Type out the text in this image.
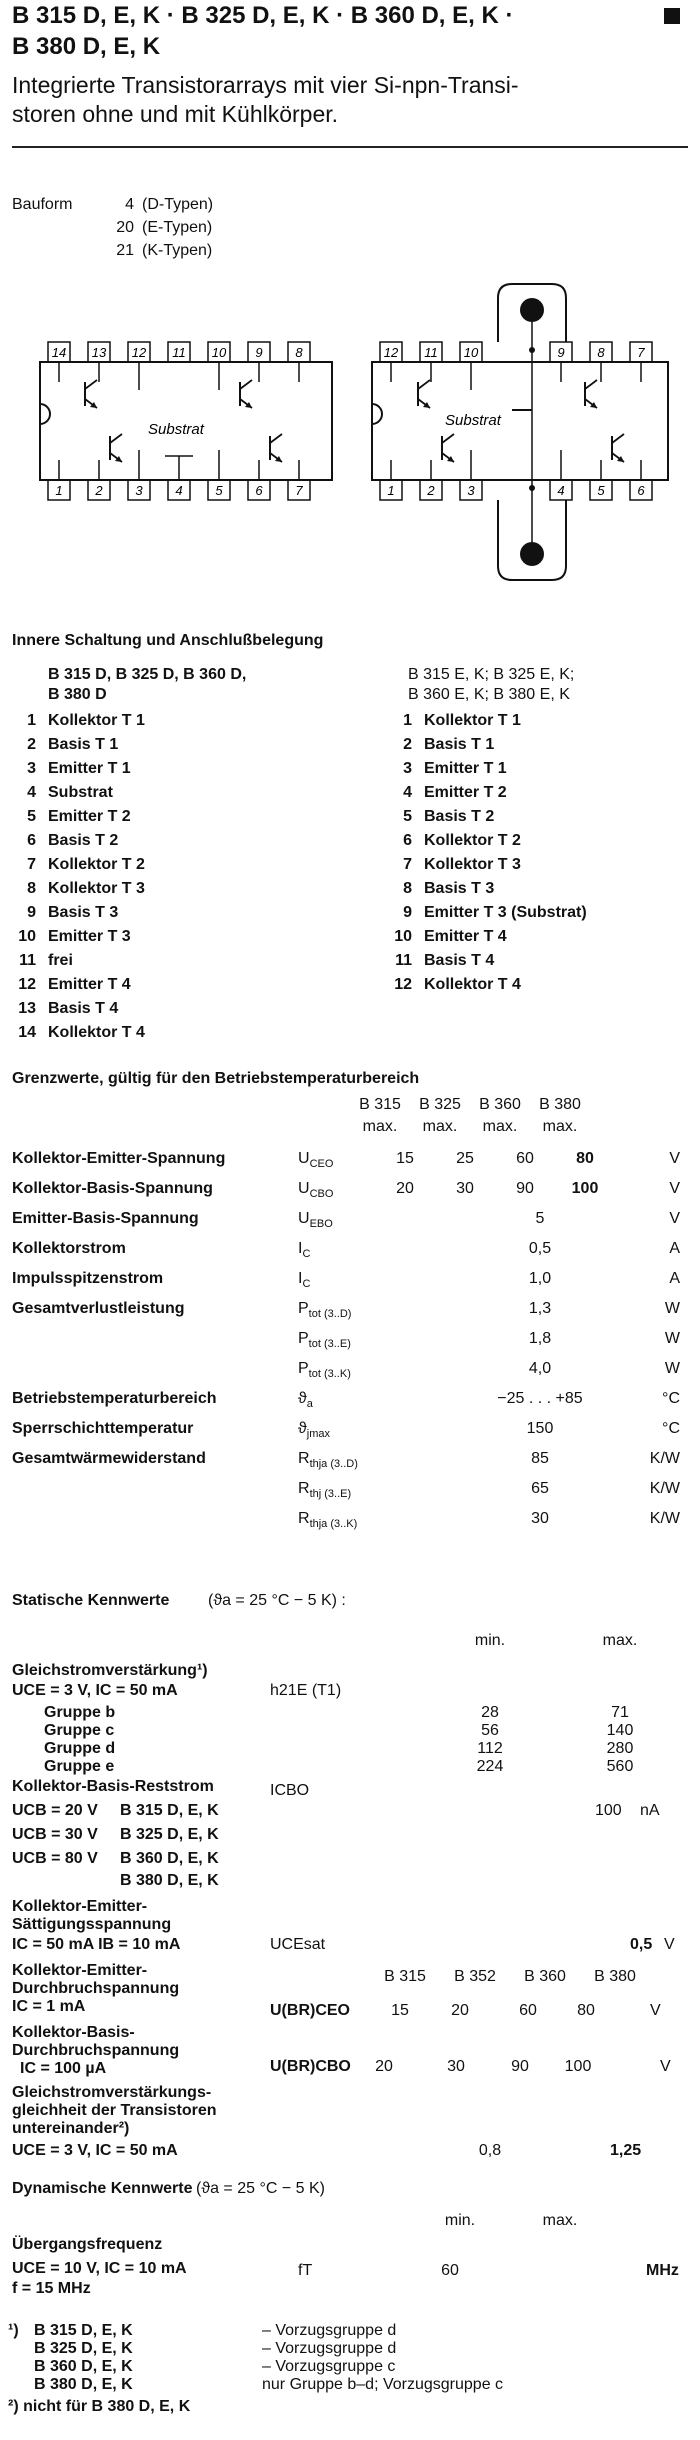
B 315 D, E, K · B 325 D, E, K · B 360 D, E, K ·
B 380 D, E, K
Integrierte Transistorarrays mit vier Si-npn-Transi-
storen ohne und mit Kühlkörper.
Bauform	4 (D-Typen)
20 (E-Typen)
21 (K-Typen)
14 13 12 11 10 9	8
1	2	3	4	5	6	7
Substrat
12 11 10	9	8	7
1	2	3	4	5	6
Substrat
Innere Schaltung und Anschlußbelegung
B 315 D, B 325 D, B 360 D,
B 380 D
B 315 E, K; B 325 E, K;
B 360 E, K; B 380 E, K
1 Kollektor T 1
2 Basis T 1
3 Emitter T 1
4 Substrat
5 Emitter T 2
6 Basis T 2
7 Kollektor T 2
8 Kollektor T 3
9 Basis T 3
10 Emitter T 3
11 frei
12 Emitter T 4
13 Basis T 4
14 Kollektor T 4
1 Kollektor T 1
2 Basis T 1
3 Emitter T 1
4 Emitter T 2
5 Basis T 2
6 Kollektor T 2
7 Kollektor T 3
8 Basis T 3
9 Emitter T 3 (Substrat)
10 Emitter T 4
11 Basis T 4
12 Kollektor T 4
Grenzwerte, gültig für den Betriebstemperaturbereich
B 315	B 325	B 360	B 380
max.	max.	max.	max.
Kollektor-Emitter-Spannung	$U_{CEO}$	15	25	60	80	V
Kollektor-Basis-Spannung	$U_{CBO}$	20	30	90	100	V
Emitter-Basis-Spannung	$U_{EBO}$	5	V
Kollektorstrom	$I_C$	0,5	A
Impulsspitzenstrom	$I_C$	1,0	A
Gesamtverlustleistung	$P_{tot (3..D)}$	1,3	W
$P_{tot (3..E)}$	1,8	W
$P_{tot (3..K)}$	4,0	W
Betriebstemperaturbereich	$ϑ_a$	−25 . . . +85	°C
Sperrschichttemperatur	$ϑ_{jmax}$	150	°C
Gesamtwärmewiderstand	$R_{thja (3..D)}$	85	K/W
$R_{thj (3..E)}$	65	K/W
$R_{thja (3..K)}$	30	K/W
Statische Kennwerte (ϑa = 25 °C − 5 K) :
min.	max.
Gleichstromverstärkung¹)
UCE = 3 V, IC = 50 mA	h21E (T1)
Gruppe b	28	71
Gruppe c	56	140
Gruppe d	112	280
Gruppe e	224	560
Kollektor-Basis-Reststrom	ICBO
UCB = 20 V B 315 D, E, K	100 nA
UCB = 30 V B 325 D, E, K
UCB = 80 V B 360 D, E, K
B 380 D, E, K
Kollektor-Emitter-
Sättigungsspannung
IC = 50 mA IB = 10 mA	UCEsat	0,5 V
Kollektor-Emitter-	B 315	B 352	B 360	B 380
Durchbruchspannung
IC = 1 mA	U(BR)CEO	15	20	60	80	V
Kollektor-Basis-
Durchbruchspannung
IC = 100 µA	U(BR)CBO	20	30	90	100	V
Gleichstromverstärkungs-
gleichheit der Transistoren
untereinander²)
UCE = 3 V, IC = 50 mA	0,8	1,25
Dynamische Kennwerte (ϑa = 25 °C − 5 K)
min.	max.
Übergangsfrequenz
UCE = 10 V, IC = 10 mA	fT	60	MHz
f = 15 MHz
¹) B 315 D, E, K	– Vorzugsgruppe d
B 325 D, E, K	– Vorzugsgruppe d
B 360 D, E, K	– Vorzugsgruppe c
B 380 D, E, K	nur Gruppe b–d; Vorzugsgruppe c
²) nicht für B 380 D, E, K
